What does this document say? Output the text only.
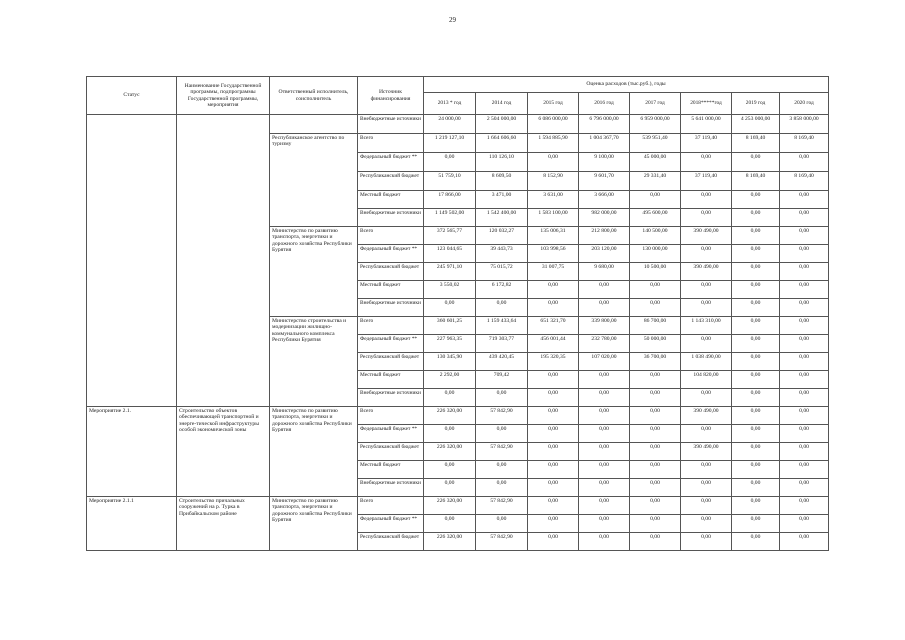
29
Статус	Наименование Государственной программы, подпрограммы Государственной программы, мероприятия	Ответственный исполнитель, соисполнитель	Источник финансирования	Оценка расходов (тыс.руб.), годы							
				2013 * год	2014 год	2015 год	2016 год	2017 год	2018*****год	2019 год	2020 год
			Внебюджетные источники	24 000,00	2 504 000,00	6 086 000,00	6 796 000,00	6 959 000,00	5 641 000,00	4 253 000,00	3 858 000,00
		Республиканское агентство по туризму	Всего	1 219 127,10	1 664 606,60	1 594 885,90	1 004 367,70	539 951,40	37 119,40	8 169,40	8 169,40
			Федеральный бюджет **	0,00	110 126,10	0,00	9 100,00	45 000,00	0,00	0,00	0,00
			Республиканский бюджет	51 759,10	8 609,50	8 152,90	9 601,70	29 331,40	37 119,40	8 169,40	8 169,40
			Местный бюджет	17 866,00	3 471,00	3 631,00	3 666,00	0,00	0,00	0,00	0,00
			Внебюджетные источники	1 149 502,00	1 542 400,00	1 583 100,00	982 000,00	495 600,00	0,00	0,00	0,00
		Министерство по развитию транспорта, энергетики и дорожного хозяйства Республики Бурятия	Всего	372 565,77	120 032,27	135 006,31	212 800,00	140 500,00	390 490,00	0,00	0,00
			Федеральный бюджет **	123 044,65	39 443,73	103 998,56	203 120,00	130 000,00	0,00	0,00	0,00
			Республиканский бюджет	245 971,10	75 015,72	31 007,75	9 680,00	10 500,00	390 490,00	0,00	0,00
			Местный бюджет	3 550,02	6 172,82	0,00	0,00	0,00	0,00	0,00	0,00
			Внебюджетные источники	0,00	0,00	0,00	0,00	0,00	0,00	0,00	0,00
		Министерство строительства и модернизации жилищно-коммунального комплекса Республики Бурятия	Всего	360 601,25	1 159 433,64	651 321,70	339 800,00	86 700,00	1 143 310,00	0,00	0,00
			Федеральный бюджет **	227 963,35	719 303,77	456 001,44	232 780,00	50 000,00	0,00	0,00	0,00
			Республиканский бюджет	130 345,90	439 420,45	195 320,35	107 020,00	36 700,00	1 038 490,00	0,00	0,00
			Местный бюджет	2 292,00	709,42	0,00	0,00	0,00	104 820,00	0,00	0,00
			Внебюджетные источники	0,00	0,00	0,00	0,00	0,00	0,00	0,00	0,00
Мероприятие 2.1.	Строительство объектов обеспечивающей транспортной и энерге-тической инфраструктуры особой экономической зоны	Министерство по развитию транспорта, энергетики и дорожного хозяйства Республики Бурятия	Всего	226 320,00	57 842,90	0,00	0,00	0,00	390 490,00	0,00	0,00
			Федеральный бюджет **	0,00	0,00	0,00	0,00	0,00	0,00	0,00	0,00
			Республиканский бюджет	226 320,00	57 842,90	0,00	0,00	0,00	390 490,00	0,00	0,00
			Местный бюджет	0,00	0,00	0,00	0,00	0,00	0,00	0,00	0,00
			Внебюджетные источники	0,00	0,00	0,00	0,00	0,00	0,00	0,00	0,00
Мероприятие 2.1.1	Строительство причальных сооружений на р. Турка в Прибайкальском районе	Министерство по развитию транспорта, энергетики и дорожного хозяйства Республики Бурятия	Всего	226 320,00	57 842,90	0,00	0,00	0,00	0,00	0,00	0,00
			Федеральный бюджет **	0,00	0,00	0,00	0,00	0,00	0,00	0,00	0,00
			Республиканский бюджет	226 320,00	57 842,90	0,00	0,00	0,00	0,00	0,00	0,00
